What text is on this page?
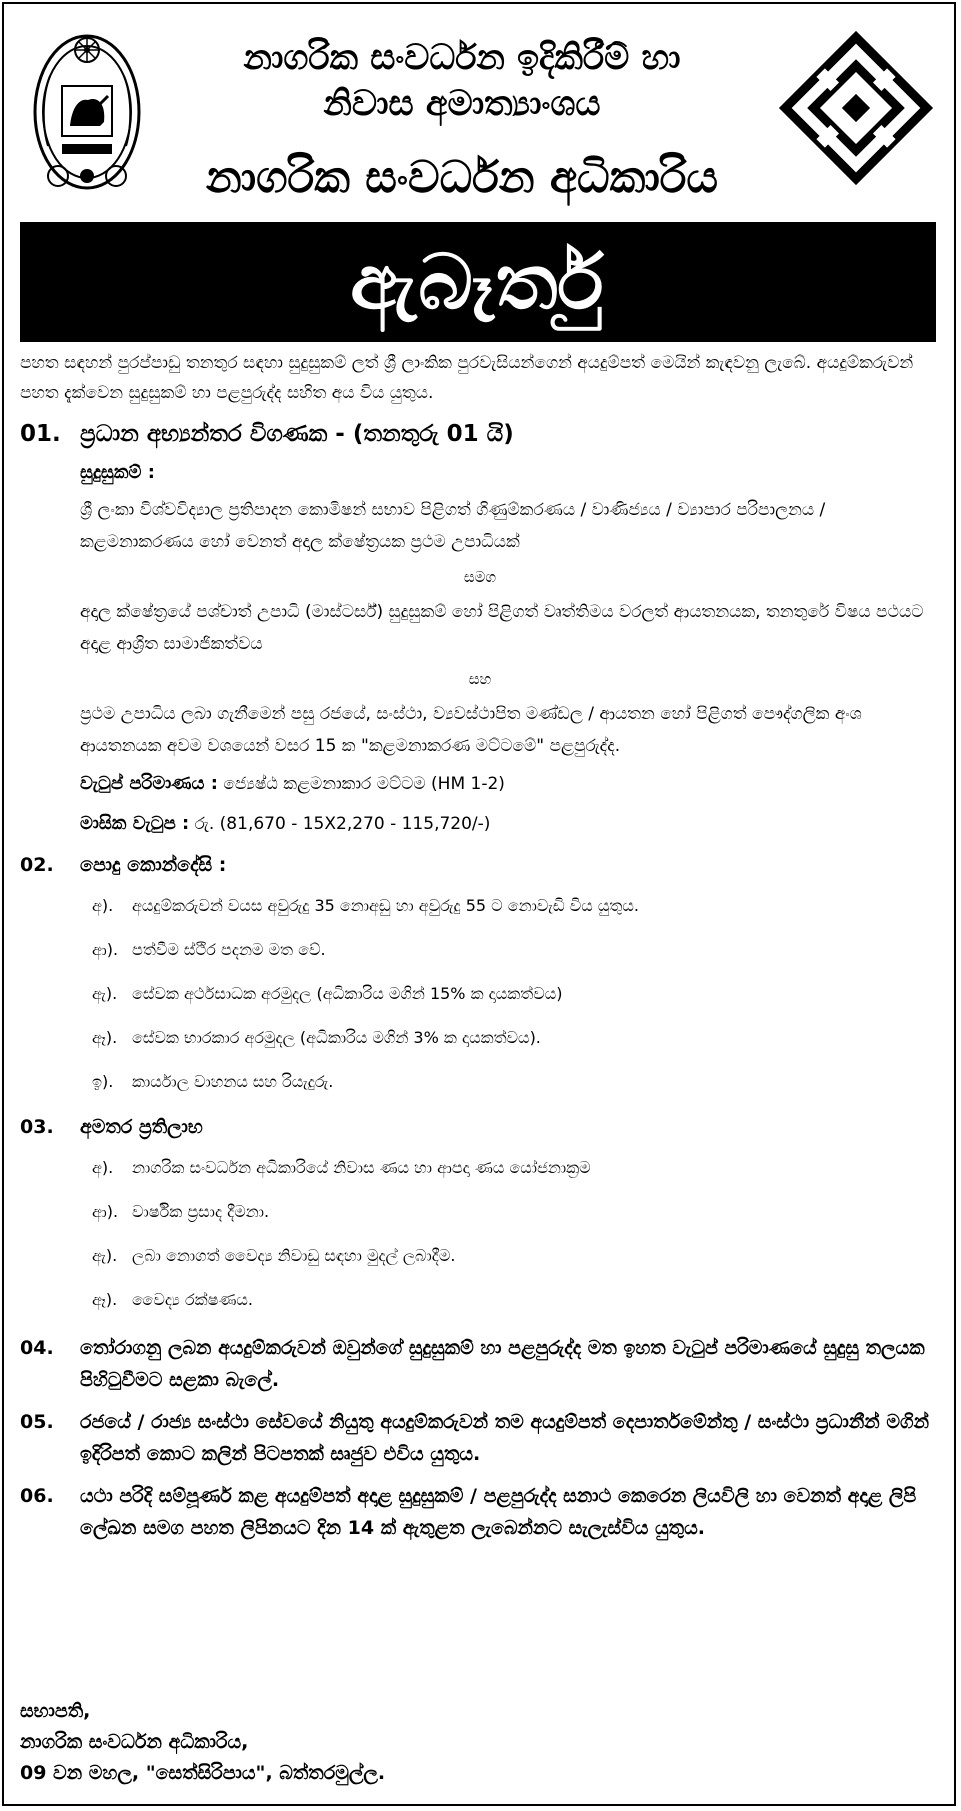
නාගරික සංවර්ධන ඉදිකිරීම් හා
නිවාස අමාත්‍යාංශය
නාගරික සංවර්ධන අධිකාරිය
ඇබෑර්තු

පහත සඳහන් පුරප්පාඩු තනතුර සඳහා සුදුසුකම් ලත් ශ්‍රී ලාංකික පුරවැසියන්ගෙන් අයදුම්පත් මෙයින් කැඳවනු ලැබේ. අයදුම්කරුවන් පහත දැක්වෙන සුදුසුකම් හා පළපුරුද්ද සහිත අය විය යුතුය.

01. ප්‍රධාන අභ්‍යන්තර විගණක - (තනතුරු 01 යි)
සුදුසුකම් :
ශ්‍රී ලංකා විශ්වවිද්‍යාල ප්‍රතිපාදන කොමිෂන් සභාව පිළිගත් ගිණුම්කරණය / වාණිජ්‍යය / ව්‍යාපාර පරිපාලනය / කළමනාකරණය හෝ වෙනත් අදාල ක්ෂේත්‍රයක ප්‍රථම උපාධියක්
සමග
අදාල ක්ෂේත්‍රයේ පශ්චාත් උපාධි (මාස්ටර්ස්) සුදුසුකම් හෝ පිළිගත් වෘත්තිමය වරලත් ආයතනයක, තනතුරේ විෂය පථයට අදාළ ආශ්‍රිත සාමාජිකත්වය
සහ
ප්‍රථම උපාධිය ලබා ගැනීමෙන් පසු රජයේ, සංස්ථා, ව්‍යවස්ථාපිත මණ්ඩල / ආයතන හෝ පිළිගත් පෞද්ගලික අංශ ආයතනයක අවම වශයෙන් වසර 15 ක "කළමනාකරණ මට්ටමේ" පළපුරුද්ද.
වැටුප් පරිමාණය : ජ්‍යෙෂ්ඨ කළමනාකාර මට්ටම (HM 1-2)
මාසික වැටුප : රු. (81,670 - 15X2,270 - 115,720/-)
02.	පොදු කොන්දේසි :
අ).	අයදුම්කරුවන් වයස අවුරුදු 35 නොඅඩු හා අවුරුදු 55 ට නොවැඩි විය යුතුය.
ආ). පත්වීම ස්ථිර පදනම මත වේ.
ඇ). සේවක අර්ථසාධක අරමුදල (අධිකාරිය මගින් 15% ක දායකත්වය)
ඈ). සේවක භාරකාර අරමුදල (අධිකාරිය මගින් 3% ක දායකත්වය).
ඉ).	කාර්යාල වාහනය සහ රියැදුරු.
03.	අමතර ප්‍රතිලාභ
අ).	නාගරික සංවර්ධන අධිකාරියේ නිවාස ණය හා ආපදා ණය යෝජනාක්‍රම
ආ). වාර්ෂික ප්‍රසාද දීමනා.
ඇ). ලබා නොගත් වෛද්‍ය නිවාඩු සඳහා මුදල් ලබාදීම.
ඈ). වෛද්‍ය රක්ෂණය.
04.	තෝරාගනු ලබන අයදුම්කරුවන් ඔවුන්ගේ සුදුසුකම් හා පළපුරුද්ද මත ඉහත වැටුප් පරිමාණයේ සුදුසු තලයක පිහිටුවීමට සළකා බැලේ.
05.	රජයේ / රාජ්‍ය සංස්ථා සේවයේ නියුතු අයදුම්කරුවන් තම අයදුම්පත් දෙපාර්තමේන්තු / සංස්ථා ප්‍රධානීන් මගින් ඉදිරිපත් කොට කලින් පිටපතක් සෘජුව එවිය යුතුය.
06.	යථා පරිදි සම්පූර්ණ කළ අයදුම්පත් අදාළ සුදුසුකම් / පළපුරුද්ද සනාථ කෙරෙන ලියවිලි හා වෙනත් අදාළ ලිපි ලේඛන සමග පහත ලිපිනයට දින 14 ක් ඇතුළත ලැබෙන්නට සැලැස්විය යුතුය.
සභාපති,
නාගරික සංවර්ධන අධිකාරිය,
09 වන මහල, "සෙත්සිරිපාය", බත්තරමුල්ල.
